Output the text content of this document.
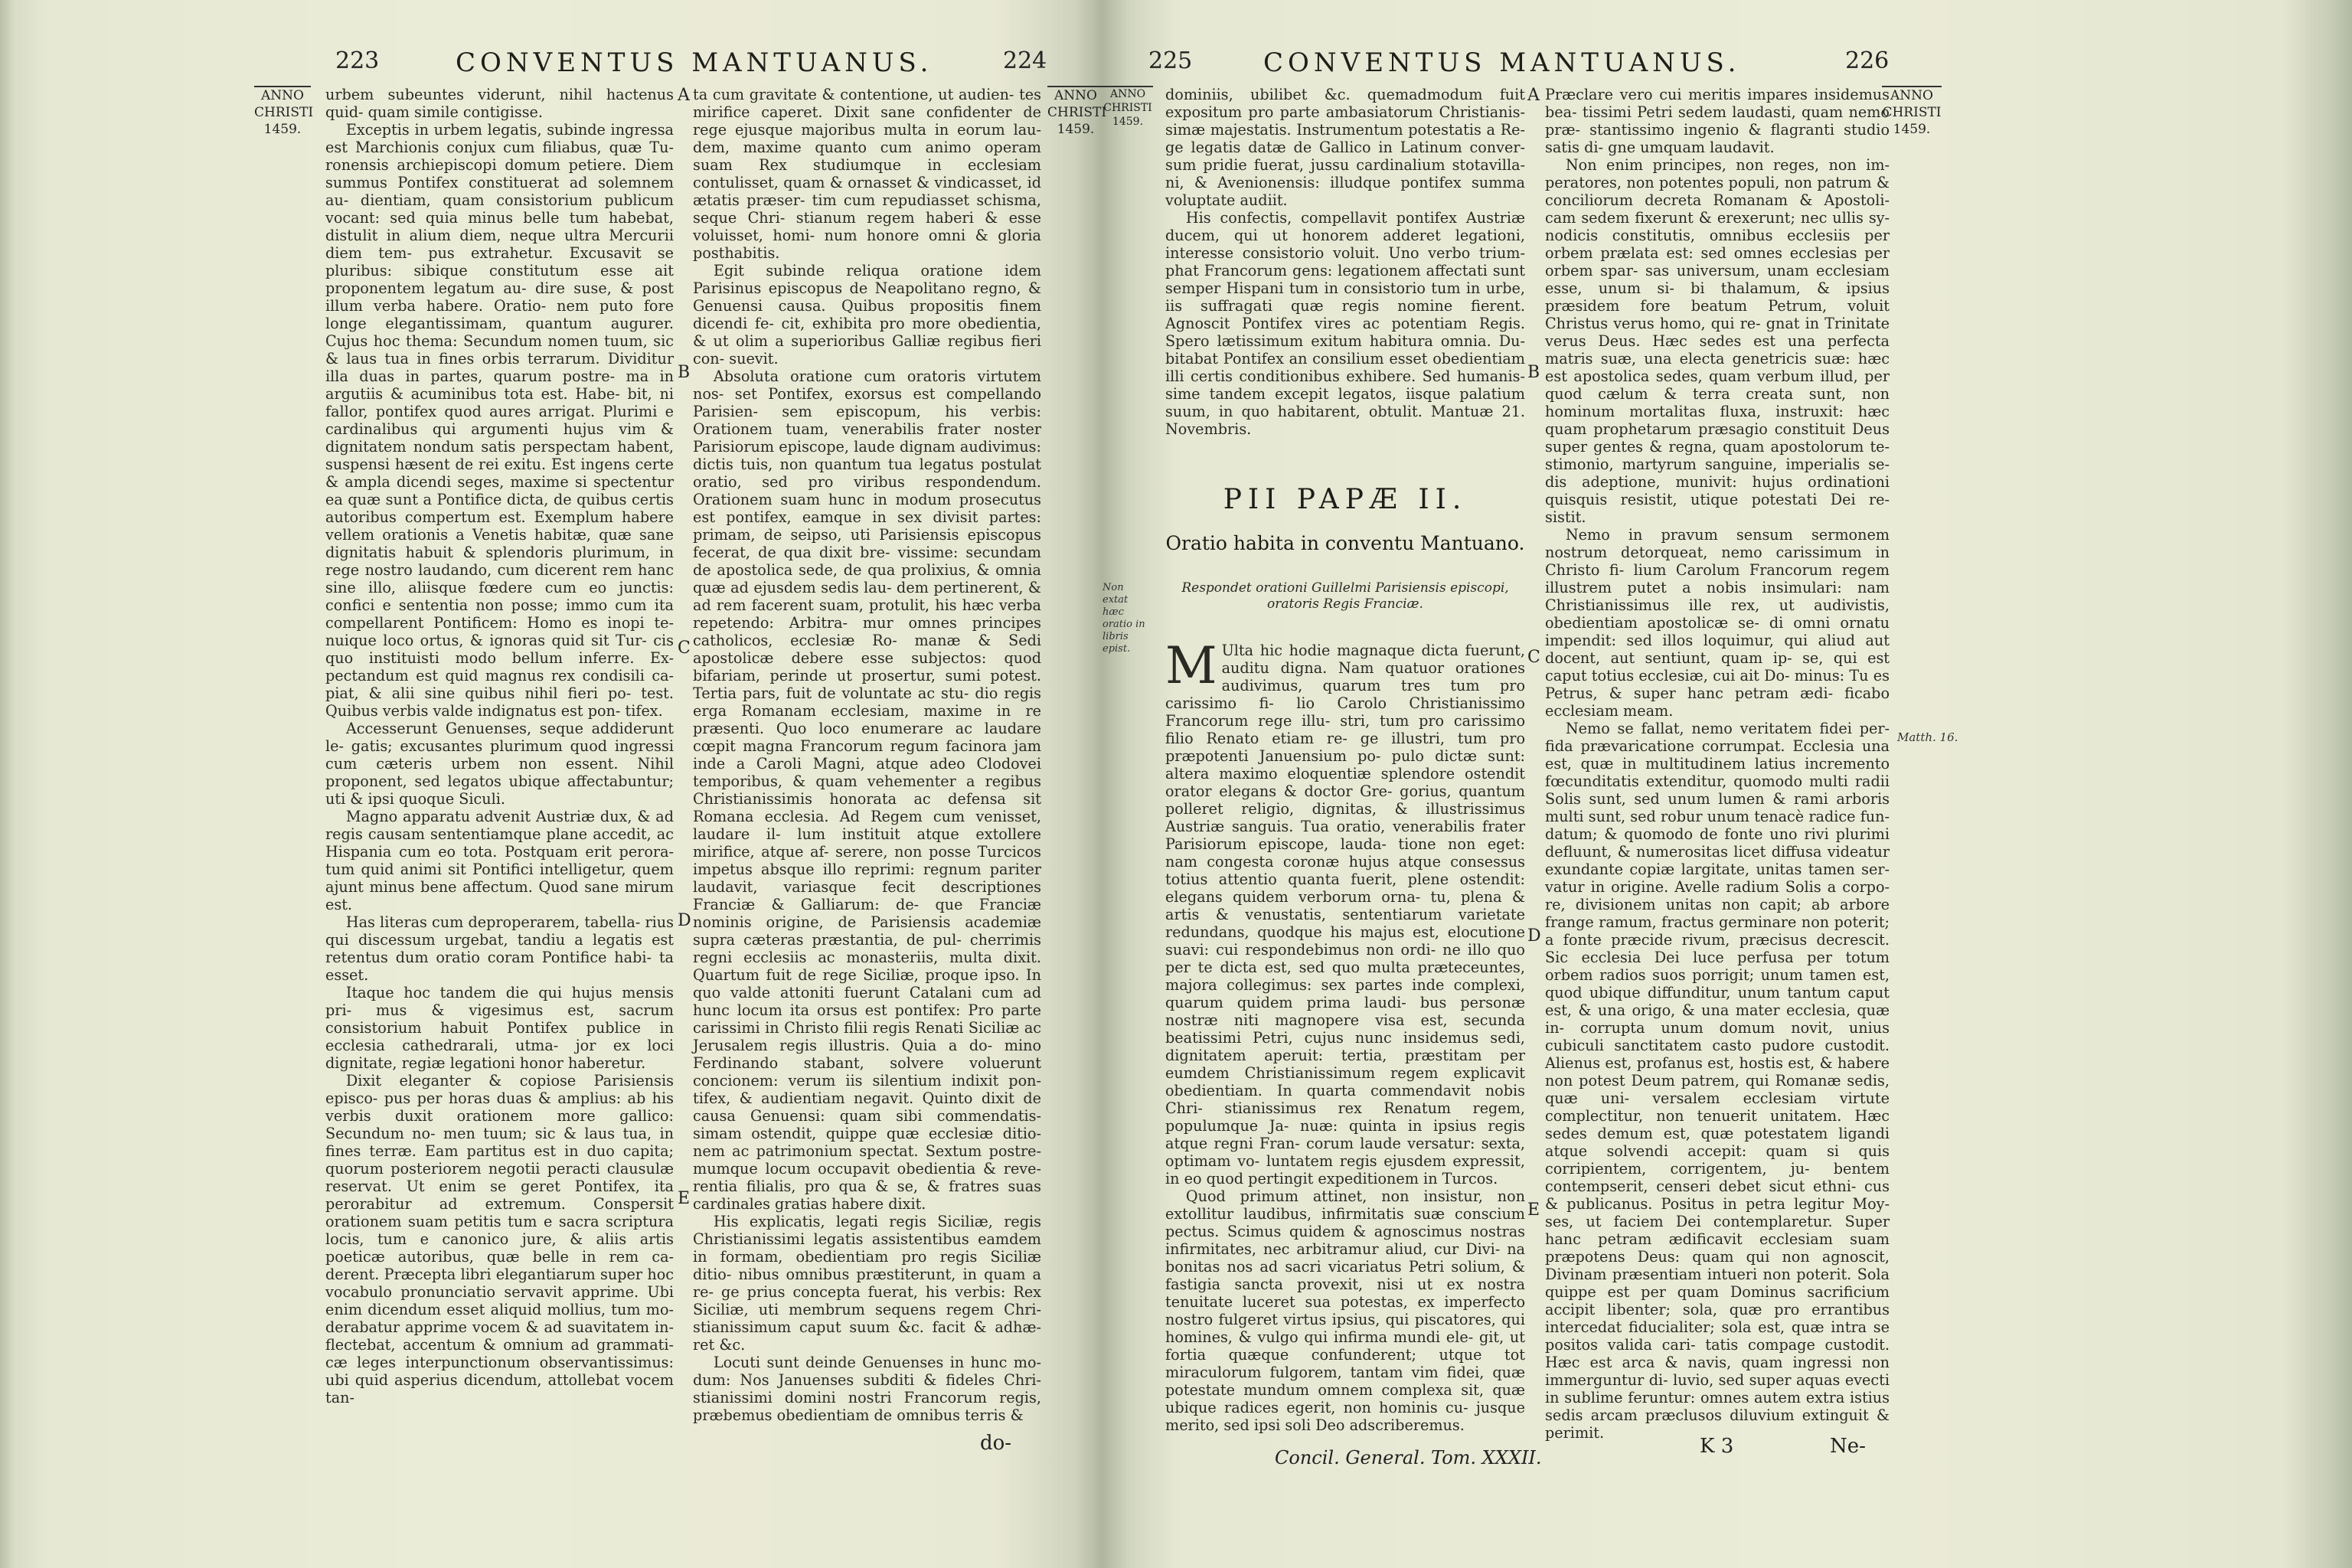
223	CONVENTUS MANTUANUS.	224
ANNO
CHRISTI
1459.
ANNO
CHRISTI
1459.

urbem subeuntes viderunt, nihil hactenus quid- quam simile contigisse.

Exceptis in urbem legatis, subinde ingressa est Marchionis conjux cum filiabus, quæ Tu- ronensis archiepiscopi domum petiere. Diem summus Pontifex constituerat ad solemnem au- dientiam, quam consistorium publicum vocant: sed quia minus belle tum habebat, distulit in alium diem, neque ultra Mercurii diem tem- pus extrahetur. Excusavit se pluribus: sibique constitutum esse ait proponentem legatum au- dire suse, & post illum verba habere. Oratio- nem puto fore longe elegantissimam, quantum augurer. Cujus hoc thema: Secundum nomen tuum, sic & laus tua in fines orbis terrarum. Dividitur illa duas in partes, quarum postre- ma in argutiis & acuminibus tota est. Habe- bit, ni fallor, pontifex quod aures arrigat. Plurimi e cardinalibus qui argumenti hujus vim & dignitatem nondum satis perspectam habent, suspensi hæsent de rei exitu. Est ingens certe & ampla dicendi seges, maxime si spectentur ea quæ sunt a Pontifice dicta, de quibus certis autoribus compertum est. Exemplum habere vellem orationis a Venetis habitæ, quæ sane dignitatis habuit & splendoris plurimum, in rege nostro laudando, cum dicerent rem hanc sine illo, aliisque fœdere cum eo junctis: confici e sententia non posse; immo cum ita compellarent Pontificem: Homo es inopi te- nuique loco ortus, & ignoras quid sit Tur- cis quo instituisti modo bellum inferre. Ex- pectandum est quid magnus rex condisili ca- piat, & alii sine quibus nihil fieri po- test. Quibus verbis valde indignatus est pon- tifex.

Accesserunt Genuenses, seque addiderunt le- gatis; excusantes plurimum quod ingressi cum cæteris urbem non essent. Nihil proponent, sed legatos ubique affectabuntur; uti & ipsi quoque Siculi.

Magno apparatu advenit Austriæ dux, & ad regis causam sententiamque plane accedit, ac Hispania cum eo tota. Postquam erit perora- tum quid animi sit Pontifici intelligetur, quem ajunt minus bene affectum. Quod sane mirum est.

Has literas cum deproperarem, tabella- rius qui discessum urgebat, tandiu a legatis est retentus dum oratio coram Pontifice habi- ta esset.

Itaque hoc tandem die qui hujus mensis pri- mus & vigesimus est, sacrum consistorium habuit Pontifex publice in ecclesia cathedrarali, utma- jor ex loci dignitate, regiæ legationi honor haberetur.

Dixit eleganter & copiose Parisiensis episco- pus per horas duas & amplius: ab his verbis duxit orationem more gallico: Secundum no- men tuum; sic & laus tua, in fines terræ. Eam partitus est in duo capita; quorum posteriorem negotii peracti clausulæ reservat. Ut enim se geret Pontifex, ita perorabitur ad extremum. Conspersit orationem suam petitis tum e sacra scriptura locis, tum e canonico jure, & aliis artis poeticæ autoribus, quæ belle in rem ca- derent. Præcepta libri elegantiarum super hoc vocabulo pronunciatio servavit apprime. Ubi enim dicendum esset aliquid mollius, tum mo- derabatur apprime vocem & ad suavitatem in- flectebat, accentum & omnium ad grammati- cæ leges interpunctionum observantissimus: ubi quid asperius dicendum, attollebat vocem tan-

A
B
C
D
E

ta cum gravitate & contentione, ut audien- tes mirifice caperet. Dixit sane confidenter de rege ejusque majoribus multa in eorum lau- dem, maxime quanto cum animo operam suam Rex studiumque in ecclesiam contulisset, quam & ornasset & vindicasset, id ætatis præser- tim cum repudiasset schisma, seque Chri- stianum regem haberi & esse voluisset, homi- num honore omni & gloria posthabitis.

Egit subinde reliqua oratione idem Parisinus episcopus de Neapolitano regno, & Genuensi causa. Quibus propositis finem dicendi fe- cit, exhibita pro more obedientia, & ut olim a superioribus Galliæ regibus fieri con- suevit.

Absoluta oratione cum oratoris virtutem nos- set Pontifex, exorsus est compellando Parisien- sem episcopum, his verbis: Orationem tuam, venerabilis frater noster Parisiorum episcope, laude dignam audivimus: dictis tuis, non quantum tua legatus postulat oratio, sed pro viribus respondendum. Orationem suam hunc in modum prosecutus est pontifex, eamque in sex divisit partes: primam, de seipso, uti Parisiensis episcopus fecerat, de qua dixit bre- vissime: secundam de apostolica sede, de qua prolixius, & omnia quæ ad ejusdem sedis lau- dem pertinerent, & ad rem facerent suam, protulit, his hæc verba repetendo: Arbitra- mur omnes principes catholicos, ecclesiæ Ro- manæ & Sedi apostolicæ debere esse subjectos: quod bifariam, perinde ut prosertur, sumi potest. Tertia pars, fuit de voluntate ac stu- dio regis erga Romanam ecclesiam, maxime in re præsenti. Quo loco enumerare ac laudare cœpit magna Francorum regum facinora jam inde a Caroli Magni, atque adeo Clodovei temporibus, & quam vehementer a regibus Christianissimis honorata ac defensa sit Romana ecclesia. Ad Regem cum venisset, laudare il- lum instituit atque extollere mirifice, atque af- serere, non posse Turcicos impetus absque illo reprimi: regnum pariter laudavit, variasque fecit descriptiones Franciæ & Galliarum: de- que Franciæ nominis origine, de Parisiensis academiæ supra cæteras præstantia, de pul- cherrimis regni ecclesiis ac monasteriis, multa dixit. Quartum fuit de rege Siciliæ, proque ipso. In quo valde attoniti fuerunt Catalani cum ad hunc locum ita orsus est pontifex: Pro parte carissimi in Christo filii regis Renati Siciliæ ac Jerusalem regis illustris. Quia a do- mino Ferdinando stabant, solvere voluerunt concionem: verum iis silentium indixit pon- tifex, & audientiam negavit. Quinto dixit de causa Genuensi: quam sibi commendatis- simam ostendit, quippe quæ ecclesiæ ditio- nem ac patrimonium spectat. Sextum postre- mumque locum occupavit obedientia & reve- rentia filialis, pro qua & se, & fratres suas cardinales gratias habere dixit.

His explicatis, legati regis Siciliæ, regis Christianissimi legatis assistentibus eamdem in formam, obedientiam pro regis Siciliæ ditio- nibus omnibus præstiterunt, in quam a re- ge prius concepta fuerat, his verbis: Rex Siciliæ, uti membrum sequens regem Chri- stianissimum caput suum &c. facit & adhæ- ret &c.

Locuti sunt deinde Genuenses in hunc mo- dum: Nos Januenses subditi & fideles Chri- stianissimi domini nostri Francorum regis, præbemus obedientiam de omnibus terris &

do-
225	CONVENTUS MANTUANUS.	226
ANNO
CHRISTI
1459.
ANNO
CHRISTI
1459.

dominiis, ubilibet &c. quemadmodum fuit expositum pro parte ambasiatorum Christianis- simæ majestatis. Instrumentum potestatis a Re- ge legatis datæ de Gallico in Latinum conver- sum pridie fuerat, jussu cardinalium stotavilla- ni, & Avenionensis: illudque pontifex summa voluptate audiit.

His confectis, compellavit pontifex Austriæ ducem, qui ut honorem adderet legationi, interesse consistorio voluit. Uno verbo trium- phat Francorum gens: legationem affectati sunt semper Hispani tum in consistorio tum in urbe, iis suffragati quæ regis nomine fierent. Agnoscit Pontifex vires ac potentiam Regis. Spero lætissimum exitum habitura omnia. Du- bitabat Pontifex an consilium esset obedientiam illi certis conditionibus exhibere. Sed humanis- sime tandem excepit legatos, iisque palatium suum, in quo habitarent, obtulit. Mantuæ 21. Novembris.

PII PAPÆ II.
Oratio habita in conventu Mantuano.
Non extat hæc oratio in libris epist.
Respondet orationi Guillelmi Parisiensis episcopi, oratoris Regis Franciæ.

M Ulta hic hodie magnaque dicta fuerunt, auditu digna. Nam quatuor orationes audivimus, quarum tres tum pro carissimo fi- lio Carolo Christianissimo Francorum rege illu- stri, tum pro carissimo filio Renato etiam re- ge illustri, tum pro præpotenti Januensium po- pulo dictæ sunt: altera maximo eloquentiæ splendore ostendit orator elegans & doctor Gre- gorius, quantum polleret religio, dignitas, & illustrissimus Austriæ sanguis. Tua oratio, venerabilis frater Parisiorum episcope, lauda- tione non eget: nam congesta coronæ hujus atque consessus totius attentio quanta fuerit, plene ostendit: elegans quidem verborum orna- tu, plena & artis & venustatis, sententiarum varietate redundans, quodque his majus est, elocutione suavi: cui respondebimus non ordi- ne illo quo per te dicta est, sed quo multa præteceuntes, majora collegimus: sex partes inde complexi, quarum quidem prima laudi- bus personæ nostræ niti magnopere visa est, secunda beatissimi Petri, cujus nunc insidemus sedi, dignitatem aperuit: tertia, præstitam per eumdem Christianissimum regem explicavit obedientiam. In quarta commendavit nobis Chri- stianissimus rex Renatum regem, populumque Ja- nuæ: quinta in ipsius regis atque regni Fran- corum laude versatur: sexta, optimam vo- luntatem regis ejusdem expressit, in eo quod pertingit expeditionem in Turcos.

Quod primum attinet, non insistur, non extollitur laudibus, infirmitatis suæ conscium pectus. Scimus quidem & agnoscimus nostras infirmitates, nec arbitramur aliud, cur Divi- na bonitas nos ad sacri vicariatus Petri solium, & fastigia sancta provexit, nisi ut ex nostra tenuitate luceret sua potestas, ex imperfecto nostro fulgeret virtus ipsius, qui piscatores, qui homines, & vulgo qui infirma mundi ele- git, ut fortia quæque confunderent; utque tot miraculorum fulgorem, tantam vim fidei, quæ potestate mundum omnem complexa sit, quæ ubique radices egerit, non hominis cu- jusque merito, sed ipsi soli Deo adscriberemus.

A
B
C
D
E

Præclare vero cui meritis impares insidemus bea- tissimi Petri sedem laudasti, quam nemo præ- stantissimo ingenio & flagranti studio satis di- gne umquam laudavit.

Non enim principes, non reges, non im- peratores, non potentes populi, non patrum & conciliorum decreta Romanam & Apostoli- cam sedem fixerunt & erexerunt; nec ullis sy- nodicis constitutis, omnibus ecclesiis per orbem prælata est: sed omnes ecclesias per orbem spar- sas universum, unam ecclesiam esse, unum si- bi thalamum, & ipsius præsidem fore beatum Petrum, voluit Christus verus homo, qui re- gnat in Trinitate verus Deus. Hæc sedes est una perfecta matris suæ, una electa genetricis suæ: hæc est apostolica sedes, quam verbum illud, per quod cælum & terra creata sunt, non hominum mortalitas fluxa, instruxit: hæc quam prophetarum præsagio constituit Deus super gentes & regna, quam apostolorum te- stimonio, martyrum sanguine, imperialis se- dis adeptione, munivit: hujus ordinationi quisquis resistit, utique potestati Dei re- sistit.

Nemo in pravum sensum sermonem nostrum detorqueat, nemo carissimum in Christo fi- lium Carolum Francorum regem illustrem putet a nobis insimulari: nam Christianissimus ille rex, ut audivistis, obedientiam apostolicæ se- di omni ornatu impendit: sed illos loquimur, qui aliud aut docent, aut sentiunt, quam ip- se, qui est caput totius ecclesiæ, cui ait Do- minus: Tu es Petrus, & super hanc petram ædi- ficabo ecclesiam meam.

Nemo se fallat, nemo veritatem fidei per- fida prævaricatione corrumpat. Ecclesia una est, quæ in multitudinem latius incremento fœcunditatis extenditur, quomodo multi radii Solis sunt, sed unum lumen & rami arboris multi sunt, sed robur unum tenacè radice fun- datum; & quomodo de fonte uno rivi plurimi defluunt, & numerositas licet diffusa videatur exundante copiæ largitate, unitas tamen ser- vatur in origine. Avelle radium Solis a corpo- re, divisionem unitas non capit; ab arbore frange ramum, fractus germinare non poterit; a fonte præcide rivum, præcisus decrescit. Sic ecclesia Dei luce perfusa per totum orbem radios suos porrigit; unum tamen est, quod ubique diffunditur, unum tantum caput est, & una origo, & una mater ecclesia, quæ in- corrupta unum domum novit, unius cubiculi sanctitatem casto pudore custodit. Alienus est, profanus est, hostis est, & habere non potest Deum patrem, qui Romanæ sedis, quæ uni- versalem ecclesiam virtute complectitur, non tenuerit unitatem. Hæc sedes demum est, quæ potestatem ligandi atque solvendi accepit: quam si quis corripientem, corrigentem, ju- bentem contempserit, censeri debet sicut ethni- cus & publicanus. Positus in petra legitur Moy- ses, ut faciem Dei contemplaretur. Super hanc petram ædificavit ecclesiam suam præpotens Deus: quam qui non agnoscit, Divinam præsentiam intueri non poterit. Sola quippe est per quam Dominus sacrificium accipit libenter; sola, quæ pro errantibus intercedat fiducialiter; sola est, quæ intra se positos valida cari- tatis compage custodit. Hæc est arca & navis, quam ingressi non immerguntur di- luvio, sed super aquas evecti in sublime feruntur: omnes autem extra istius sedis arcam præclusos diluvium extinguit & perimit.

Matth. 16.
Concil. General. Tom. XXXII.	K 3	Ne-
